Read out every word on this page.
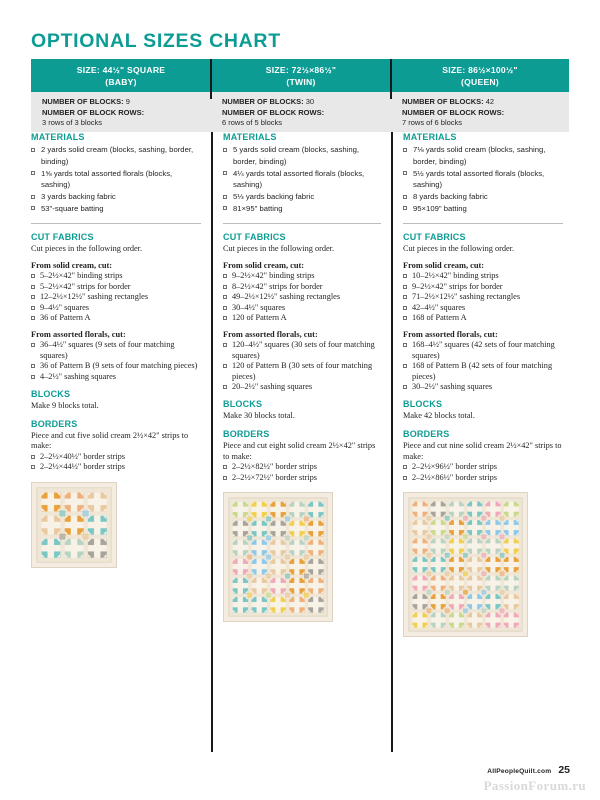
OPTIONAL SIZES CHART
SIZE: 44½" SQUARE
(BABY)
SIZE: 72½×86½"
(TWIN)
SIZE: 86½×100½"
(QUEEN)
NUMBER OF BLOCKS: 9
NUMBER OF BLOCK ROWS:
3 rows of 3 blocks
NUMBER OF BLOCKS: 30
NUMBER OF BLOCK ROWS:
6 rows of 5 blocks
NUMBER OF BLOCKS: 42
NUMBER OF BLOCK ROWS:
7 rows of 6 blocks
MATERIALS
2 yards solid cream (blocks, sashing, border, binding)
1⅝ yards total assorted florals (blocks, sashing)
3 yards backing fabric
53"-square batting
CUT FABRICS

Cut pieces in the following order.

From solid cream, cut:

5–2½×42" binding strips
5–2½×42" strips for border
12–2½×12½" sashing rectangles
9–4½" squares
36 of Pattern A

From assorted florals, cut:

36–4½" squares (9 sets of four matching squares)
36 of Pattern B (9 sets of four matching pieces)
4–2½" sashing squares
BLOCKS

Make 9 blocks total.

BORDERS

Piece and cut five solid cream 2½×42" strips to make:

2–2½×40½" border strips
2–2½×44½" border strips
MATERIALS
5 yards solid cream (blocks, sashing, border, binding)
4¼ yards total assorted florals (blocks, sashing)
5⅓ yards backing fabric
81×95" batting
CUT FABRICS

Cut pieces in the following order.

From solid cream, cut:

9–2½×42" binding strips
8–2½×42" strips for border
49–2½×12½" sashing rectangles
30–4½" squares
120 of Pattern A

From assorted florals, cut:

120–4½" squares (30 sets of four matching squares)
120 of Pattern B (30 sets of four matching pieces)
20–2½" sashing squares
BLOCKS

Make 30 blocks total.

BORDERS

Piece and cut eight solid cream 2½×42" strips to make:

2–2½×82½" border strips
2–2½×72½" border strips
MATERIALS
7⅛ yards solid cream (blocks, sashing, border, binding)
5½ yards total assorted florals (blocks, sashing)
8 yards backing fabric
95×109" batting
CUT FABRICS

Cut pieces in the following order.

From solid cream, cut:

10–2½×42" binding strips
9–2½×42" strips for border
71–2½×12½" sashing rectangles
42–4½" squares
168 of Pattern A

From assorted florals, cut:

168–4½" squares (42 sets of four matching squares)
168 of Pattern B (42 sets of four matching pieces)
30–2½" sashing squares
BLOCKS

Make 42 blocks total.

BORDERS

Piece and cut nine solid cream 2½×42" strips to make:

2–2½×96½" border strips
2–2½×86½" border strips
AllPeopleQuilt.com 25
PassionForum.ru
